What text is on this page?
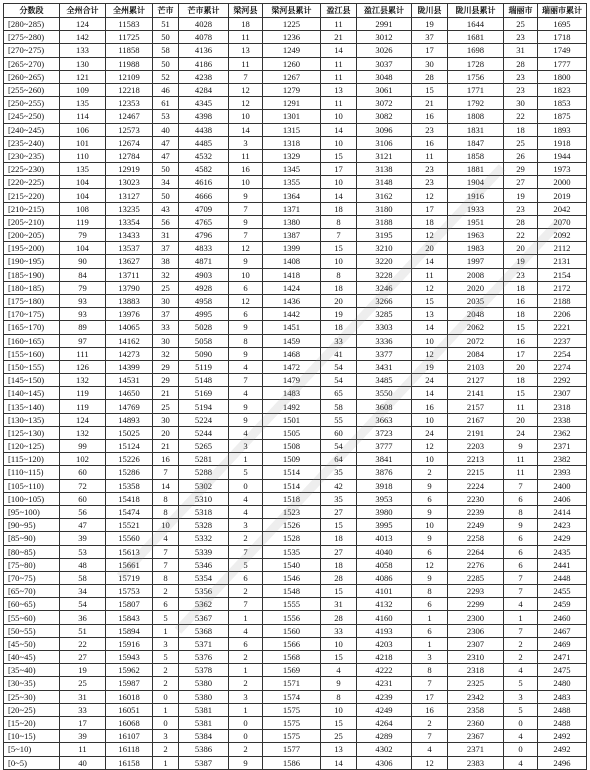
分数段	全州合计	全州累计	芒市	芒市累计	梁河县	梁河县累计	盈江县	盈江县累计	陇川县	陇川县累计	瑞丽市	瑞丽市累计
[280~285)	124	11583	51	4028	18	1225	11	2991	19	1644	25	1695
[275~280)	142	11725	50	4078	11	1236	21	3012	37	1681	23	1718
[270~275)	133	11858	58	4136	13	1249	14	3026	17	1698	31	1749
[265~270)	130	11988	50	4186	11	1260	11	3037	30	1728	28	1777
[260~265)	121	12109	52	4238	7	1267	11	3048	28	1756	23	1800
[255~260)	109	12218	46	4284	12	1279	13	3061	15	1771	23	1823
[250~255)	135	12353	61	4345	12	1291	11	3072	21	1792	30	1853
[245~250)	114	12467	53	4398	10	1301	10	3082	16	1808	22	1875
[240~245)	106	12573	40	4438	14	1315	14	3096	23	1831	18	1893
[235~240)	101	12674	47	4485	3	1318	10	3106	16	1847	25	1918
[230~235)	110	12784	47	4532	11	1329	15	3121	11	1858	26	1944
[225~230)	135	12919	50	4582	16	1345	17	3138	23	1881	29	1973
[220~225)	104	13023	34	4616	10	1355	10	3148	23	1904	27	2000
[215~220)	104	13127	50	4666	9	1364	14	3162	12	1916	19	2019
[210~215)	108	13235	43	4709	7	1371	18	3180	17	1933	23	2042
[205~210)	119	13354	56	4765	9	1380	8	3188	18	1951	28	2070
[200~205)	79	13433	31	4796	7	1387	7	3195	12	1963	22	2092
[195~200)	104	13537	37	4833	12	1399	15	3210	20	1983	20	2112
[190~195)	90	13627	38	4871	9	1408	10	3220	14	1997	19	2131
[185~190)	84	13711	32	4903	10	1418	8	3228	11	2008	23	2154
[180~185)	79	13790	25	4928	6	1424	18	3246	12	2020	18	2172
[175~180)	93	13883	30	4958	12	1436	20	3266	15	2035	16	2188
[170~175)	93	13976	37	4995	6	1442	19	3285	13	2048	18	2206
[165~170)	89	14065	33	5028	9	1451	18	3303	14	2062	15	2221
[160~165)	97	14162	30	5058	8	1459	33	3336	10	2072	16	2237
[155~160)	111	14273	32	5090	9	1468	41	3377	12	2084	17	2254
[150~155)	126	14399	29	5119	4	1472	54	3431	19	2103	20	2274
[145~150)	132	14531	29	5148	7	1479	54	3485	24	2127	18	2292
[140~145)	119	14650	21	5169	4	1483	65	3550	14	2141	15	2307
[135~140)	119	14769	25	5194	9	1492	58	3608	16	2157	11	2318
[130~135)	124	14893	30	5224	9	1501	55	3663	10	2167	20	2338
[125~130)	132	15025	20	5244	4	1505	60	3723	24	2191	24	2362
[120~125)	99	15124	21	5265	3	1508	54	3777	12	2203	9	2371
[115~120)	102	15226	16	5281	1	1509	64	3841	10	2213	11	2382
[110~115)	60	15286	7	5288	5	1514	35	3876	2	2215	11	2393
[105~110)	72	15358	14	5302	0	1514	42	3918	9	2224	7	2400
[100~105)	60	15418	8	5310	4	1518	35	3953	6	2230	6	2406
[95~100)	56	15474	8	5318	4	1523	27	3980	9	2239	8	2414
[90~95)	47	15521	10	5328	3	1526	15	3995	10	2249	9	2423
[85~90)	39	15560	4	5332	2	1528	18	4013	9	2258	6	2429
[80~85)	53	15613	7	5339	7	1535	27	4040	6	2264	6	2435
[75~80)	48	15661	7	5346	5	1540	18	4058	12	2276	6	2441
[70~75)	58	15719	8	5354	6	1546	28	4086	9	2285	7	2448
[65~70)	34	15753	2	5356	2	1548	15	4101	8	2293	7	2455
[60~65)	54	15807	6	5362	7	1555	31	4132	6	2299	4	2459
[55~60)	36	15843	5	5367	1	1556	28	4160	1	2300	1	2460
[50~55)	51	15894	1	5368	4	1560	33	4193	6	2306	7	2467
[45~50)	22	15916	3	5371	6	1566	10	4203	1	2307	2	2469
[40~45)	27	15943	5	5376	2	1568	15	4218	3	2310	2	2471
[35~40)	19	15962	2	5378	1	1569	4	4222	8	2318	4	2475
[30~35)	25	15987	2	5380	2	1571	9	4231	7	2325	5	2480
[25~30)	31	16018	0	5380	3	1574	8	4239	17	2342	3	2483
[20~25)	33	16051	1	5381	1	1575	10	4249	16	2358	5	2488
[15~20)	17	16068	0	5381	0	1575	15	4264	2	2360	0	2488
[10~15)	39	16107	3	5384	0	1575	25	4289	7	2367	4	2492
[5~10)	11	16118	2	5386	2	1577	13	4302	4	2371	0	2492
[0~5)	40	16158	1	5387	9	1586	14	4306	12	2383	4	2496
